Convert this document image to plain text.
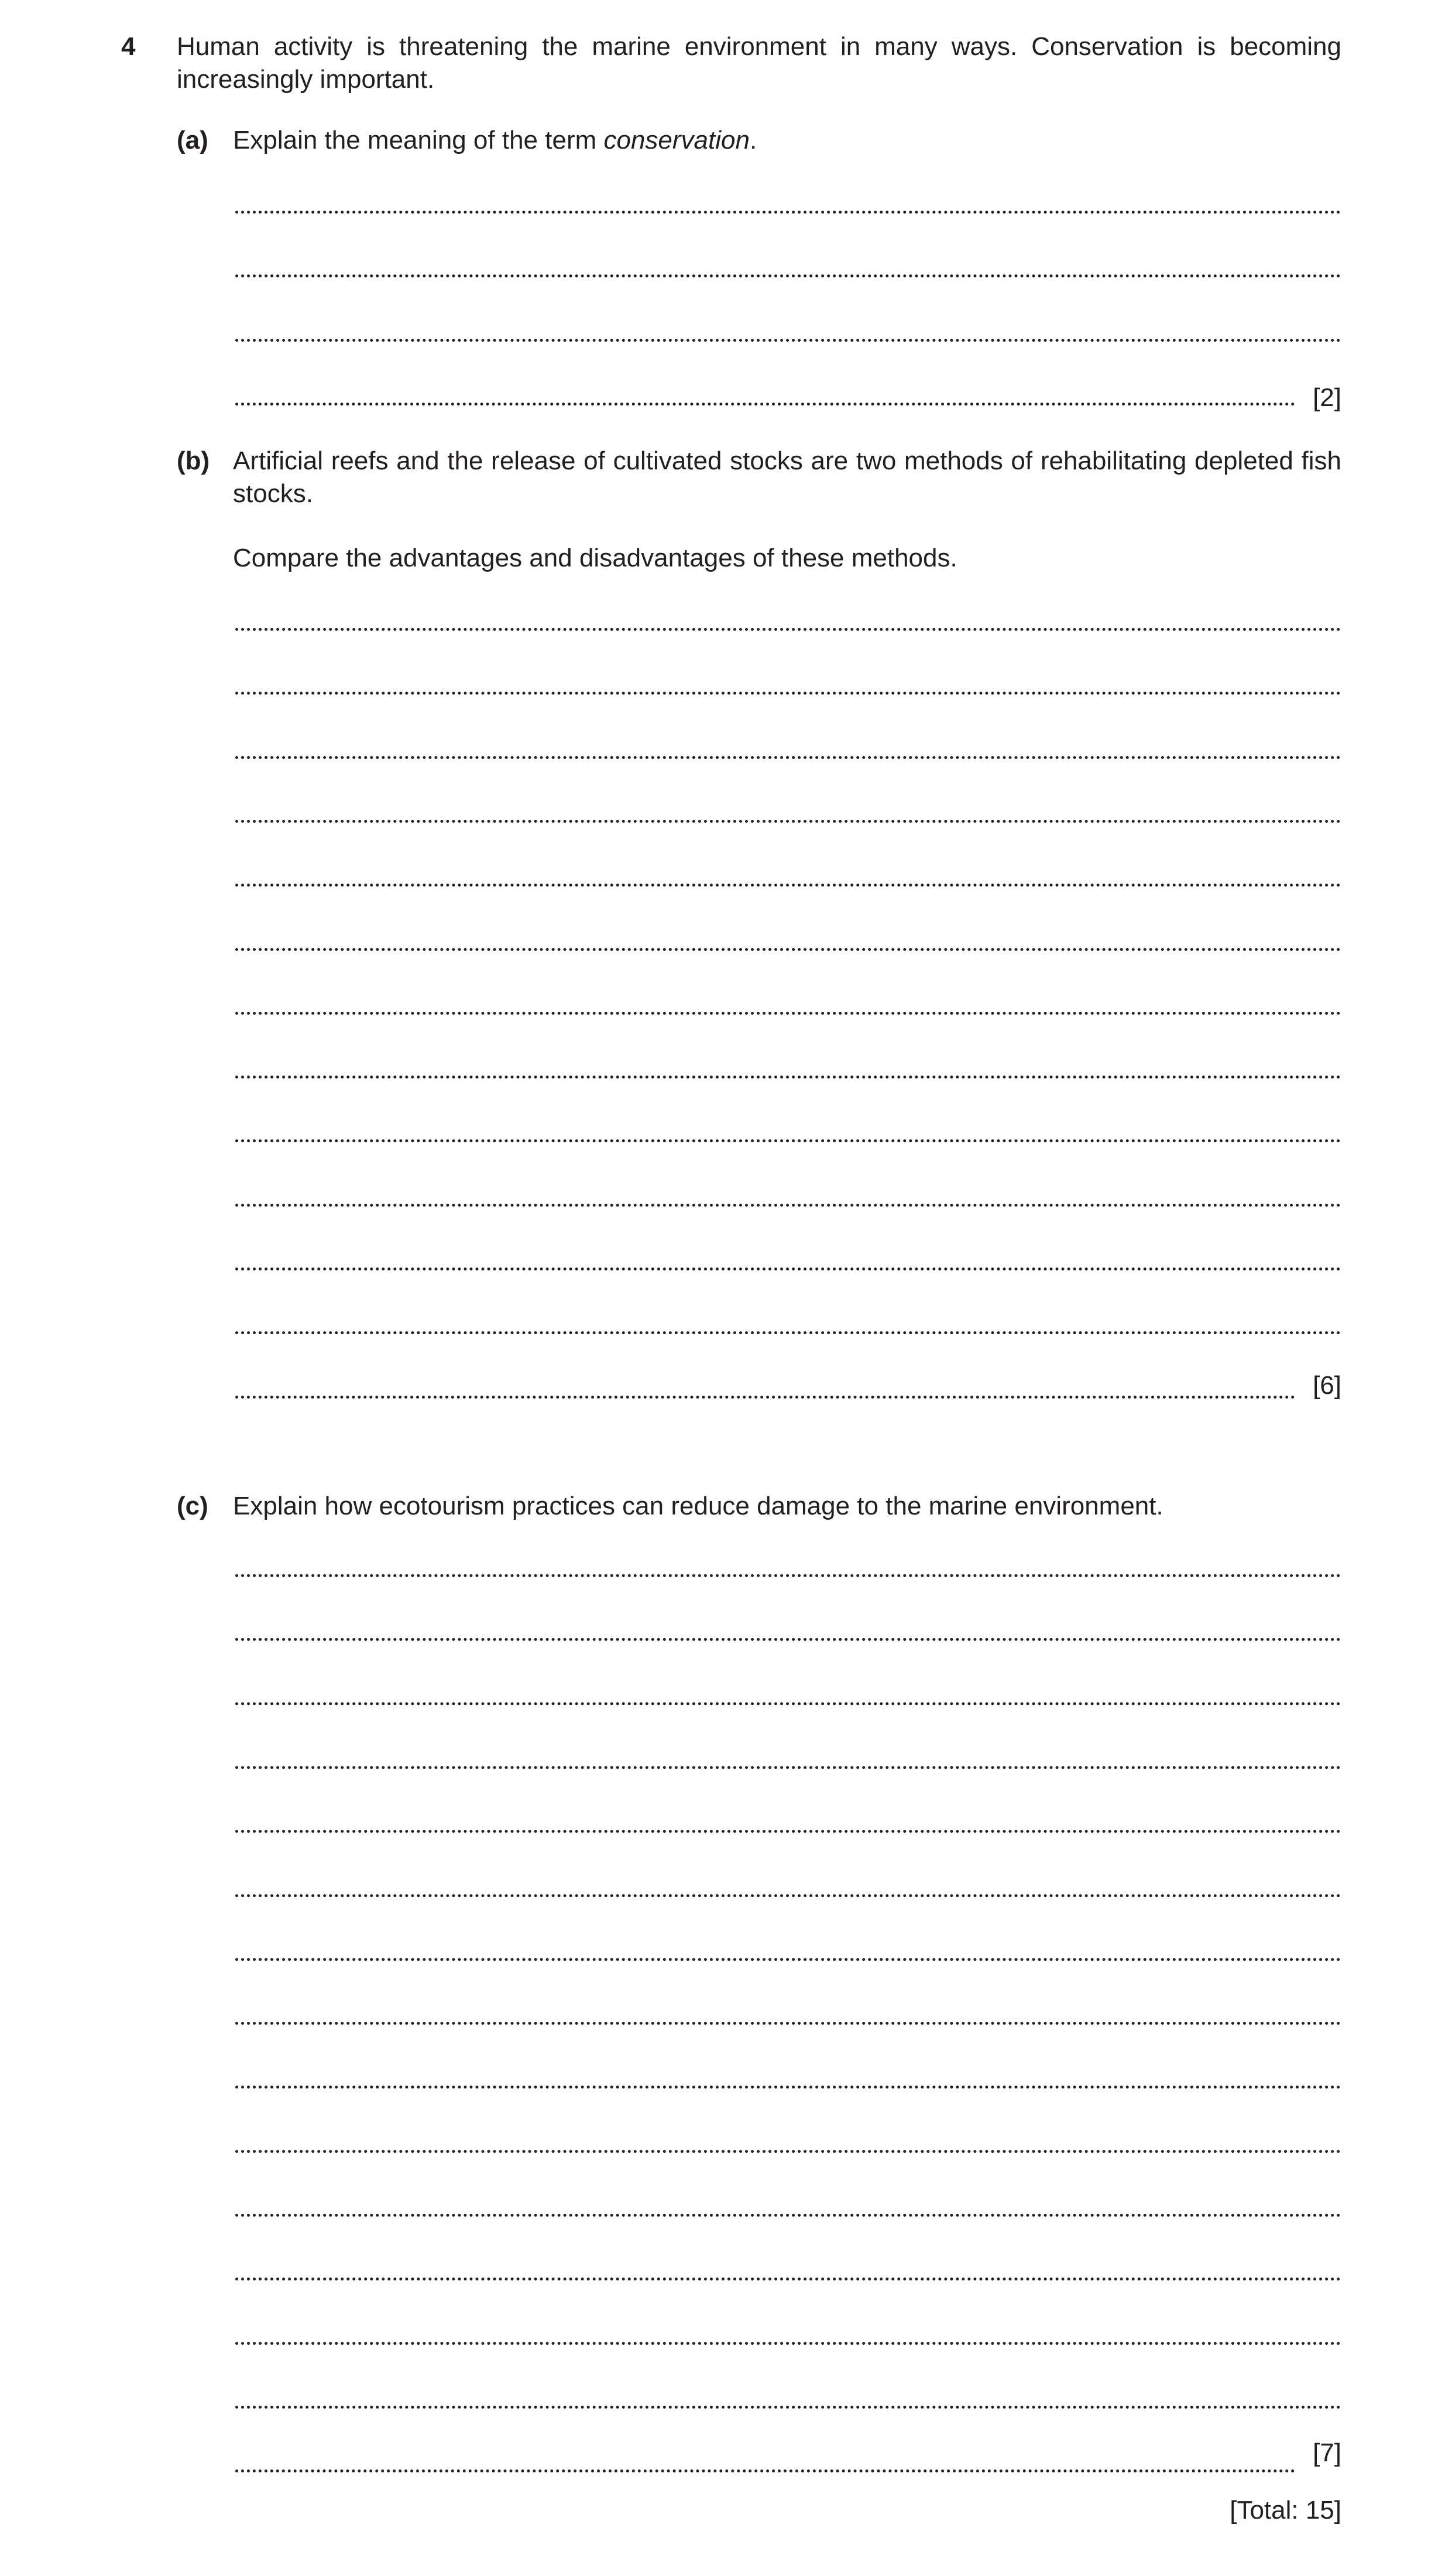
4 Human activity is threatening the marine environment in many ways. Conservation is becoming increasingly important.
(a) Explain the meaning of the term conservation.
[2]
(b) Artificial reefs and the release of cultivated stocks are two methods of rehabilitating depleted fish stocks.
Compare the advantages and disadvantages of these methods.
[6]
(c) Explain how ecotourism practices can reduce damage to the marine environment.
[7]
[Total: 15]
